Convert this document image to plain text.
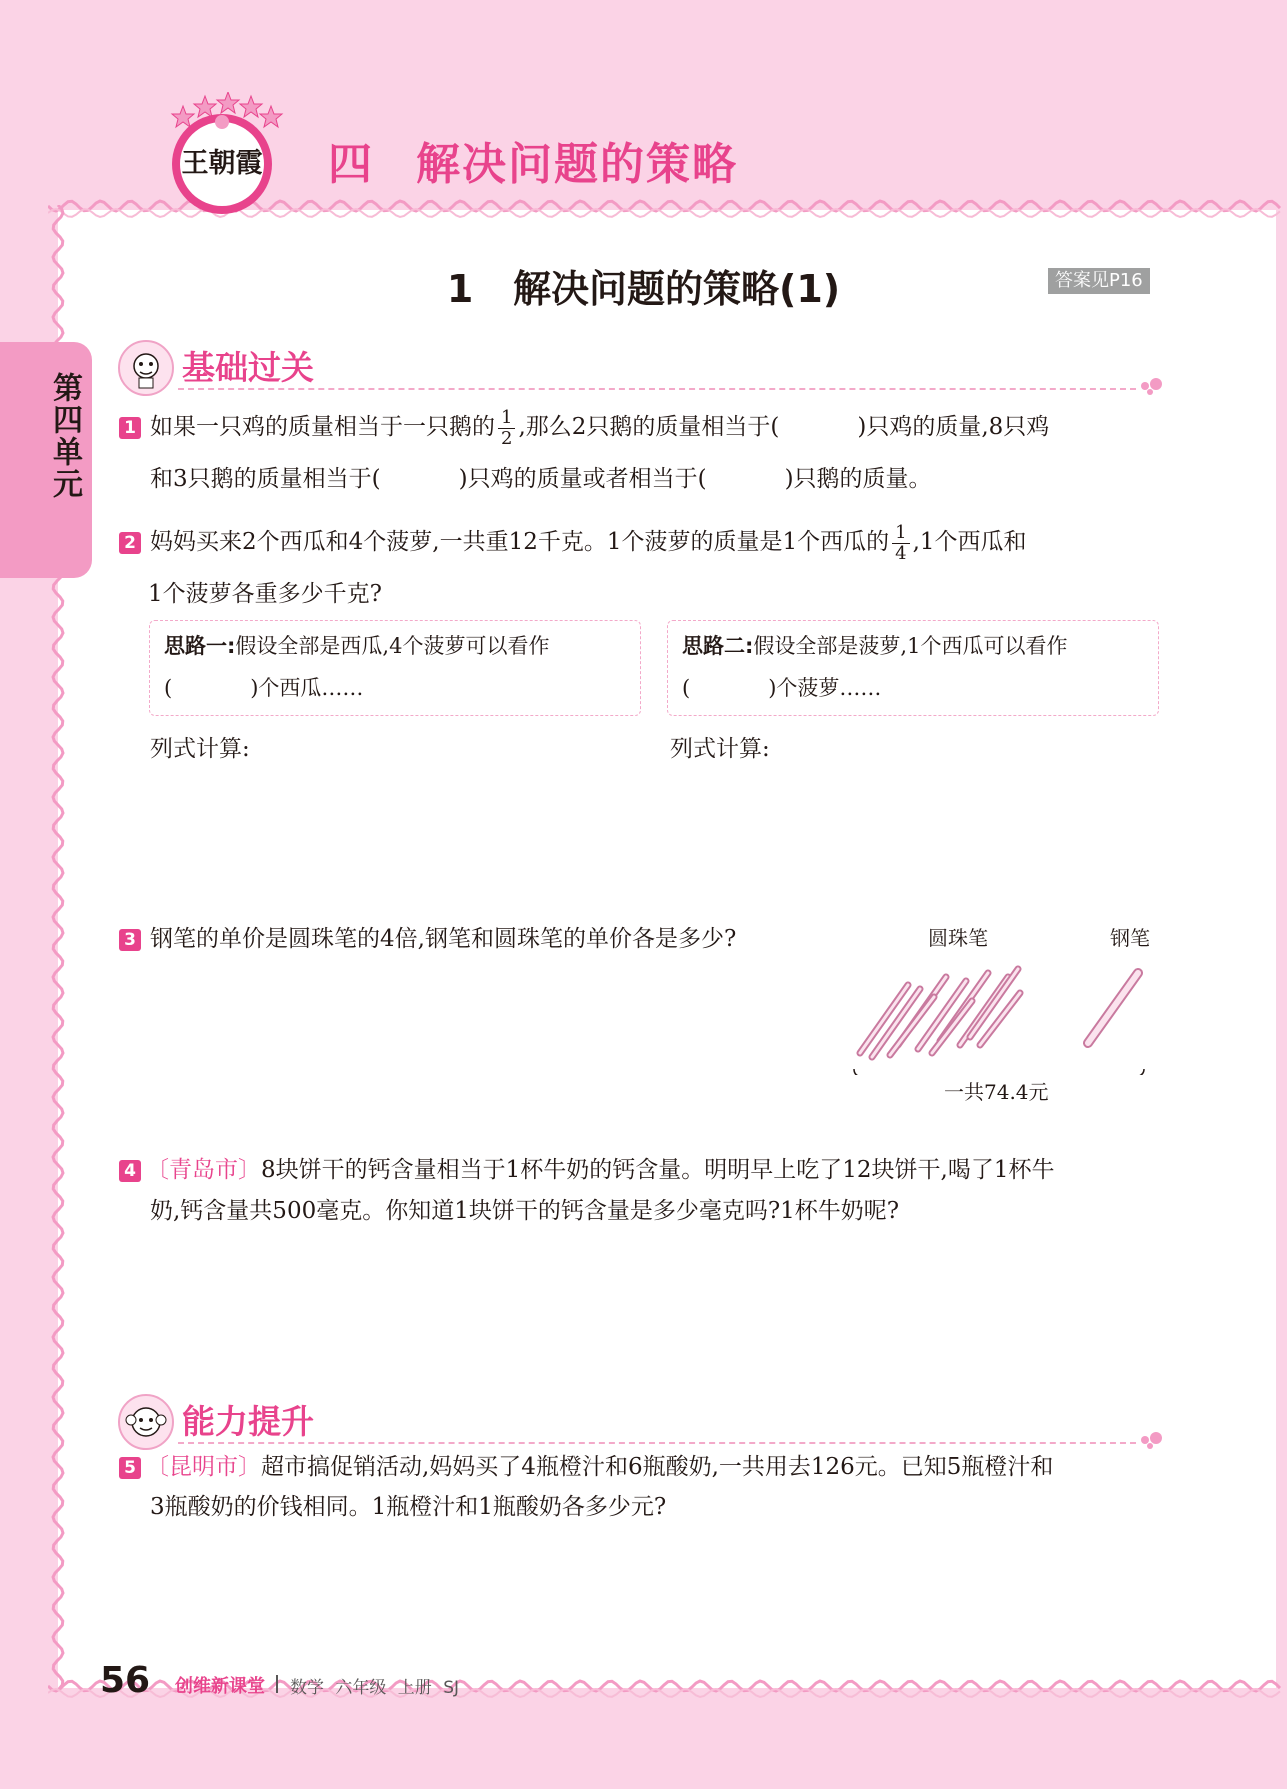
王朝霞 四 解决问题的策略
1 解决问题的策略(1)	答案见P16
第四单元
基础过关
1 如果一只鸡的质量相当于一只鹅的 $\frac{1}{2}$ ,那么2只鹅的质量相当于(	)只鸡的质量,8只鸡
和3只鹅的质量相当于(	)只鸡的质量或者相当于(	)只鹅的质量。
2 妈妈买来2个西瓜和4个菠萝,一共重12千克。1个菠萝的质量是1个西瓜的 $\frac{1}{4} ,1$个西瓜和
1个菠萝各重多少千克?
思路一:假设全部是西瓜,4个菠萝可以看作
(	)个西瓜……
思路二:假设全部是菠萝,1个西瓜可以看作
(	)个菠萝……
列式计算:	列式计算:
3 钢笔的单价是圆珠笔的4倍,钢笔和圆珠笔的单价各是多少?	圆珠笔	钢笔
一共74.4元
4 〔青岛市〕8块饼干的钙含量相当于1杯牛奶的钙含量。明明早上吃了12块饼干,喝了1杯牛
奶,钙含量共500毫克。你知道1块饼干的钙含量是多少毫克吗?1杯牛奶呢?
能力提升
5 〔昆明市〕超市搞促销活动,妈妈买了4瓶橙汁和6瓶酸奶,一共用去126元。已知5瓶橙汁和
3瓶酸奶的价钱相同。1瓶橙汁和1瓶酸奶各多少元?
56 创维新课堂 数学 六年级 上册 SJ
